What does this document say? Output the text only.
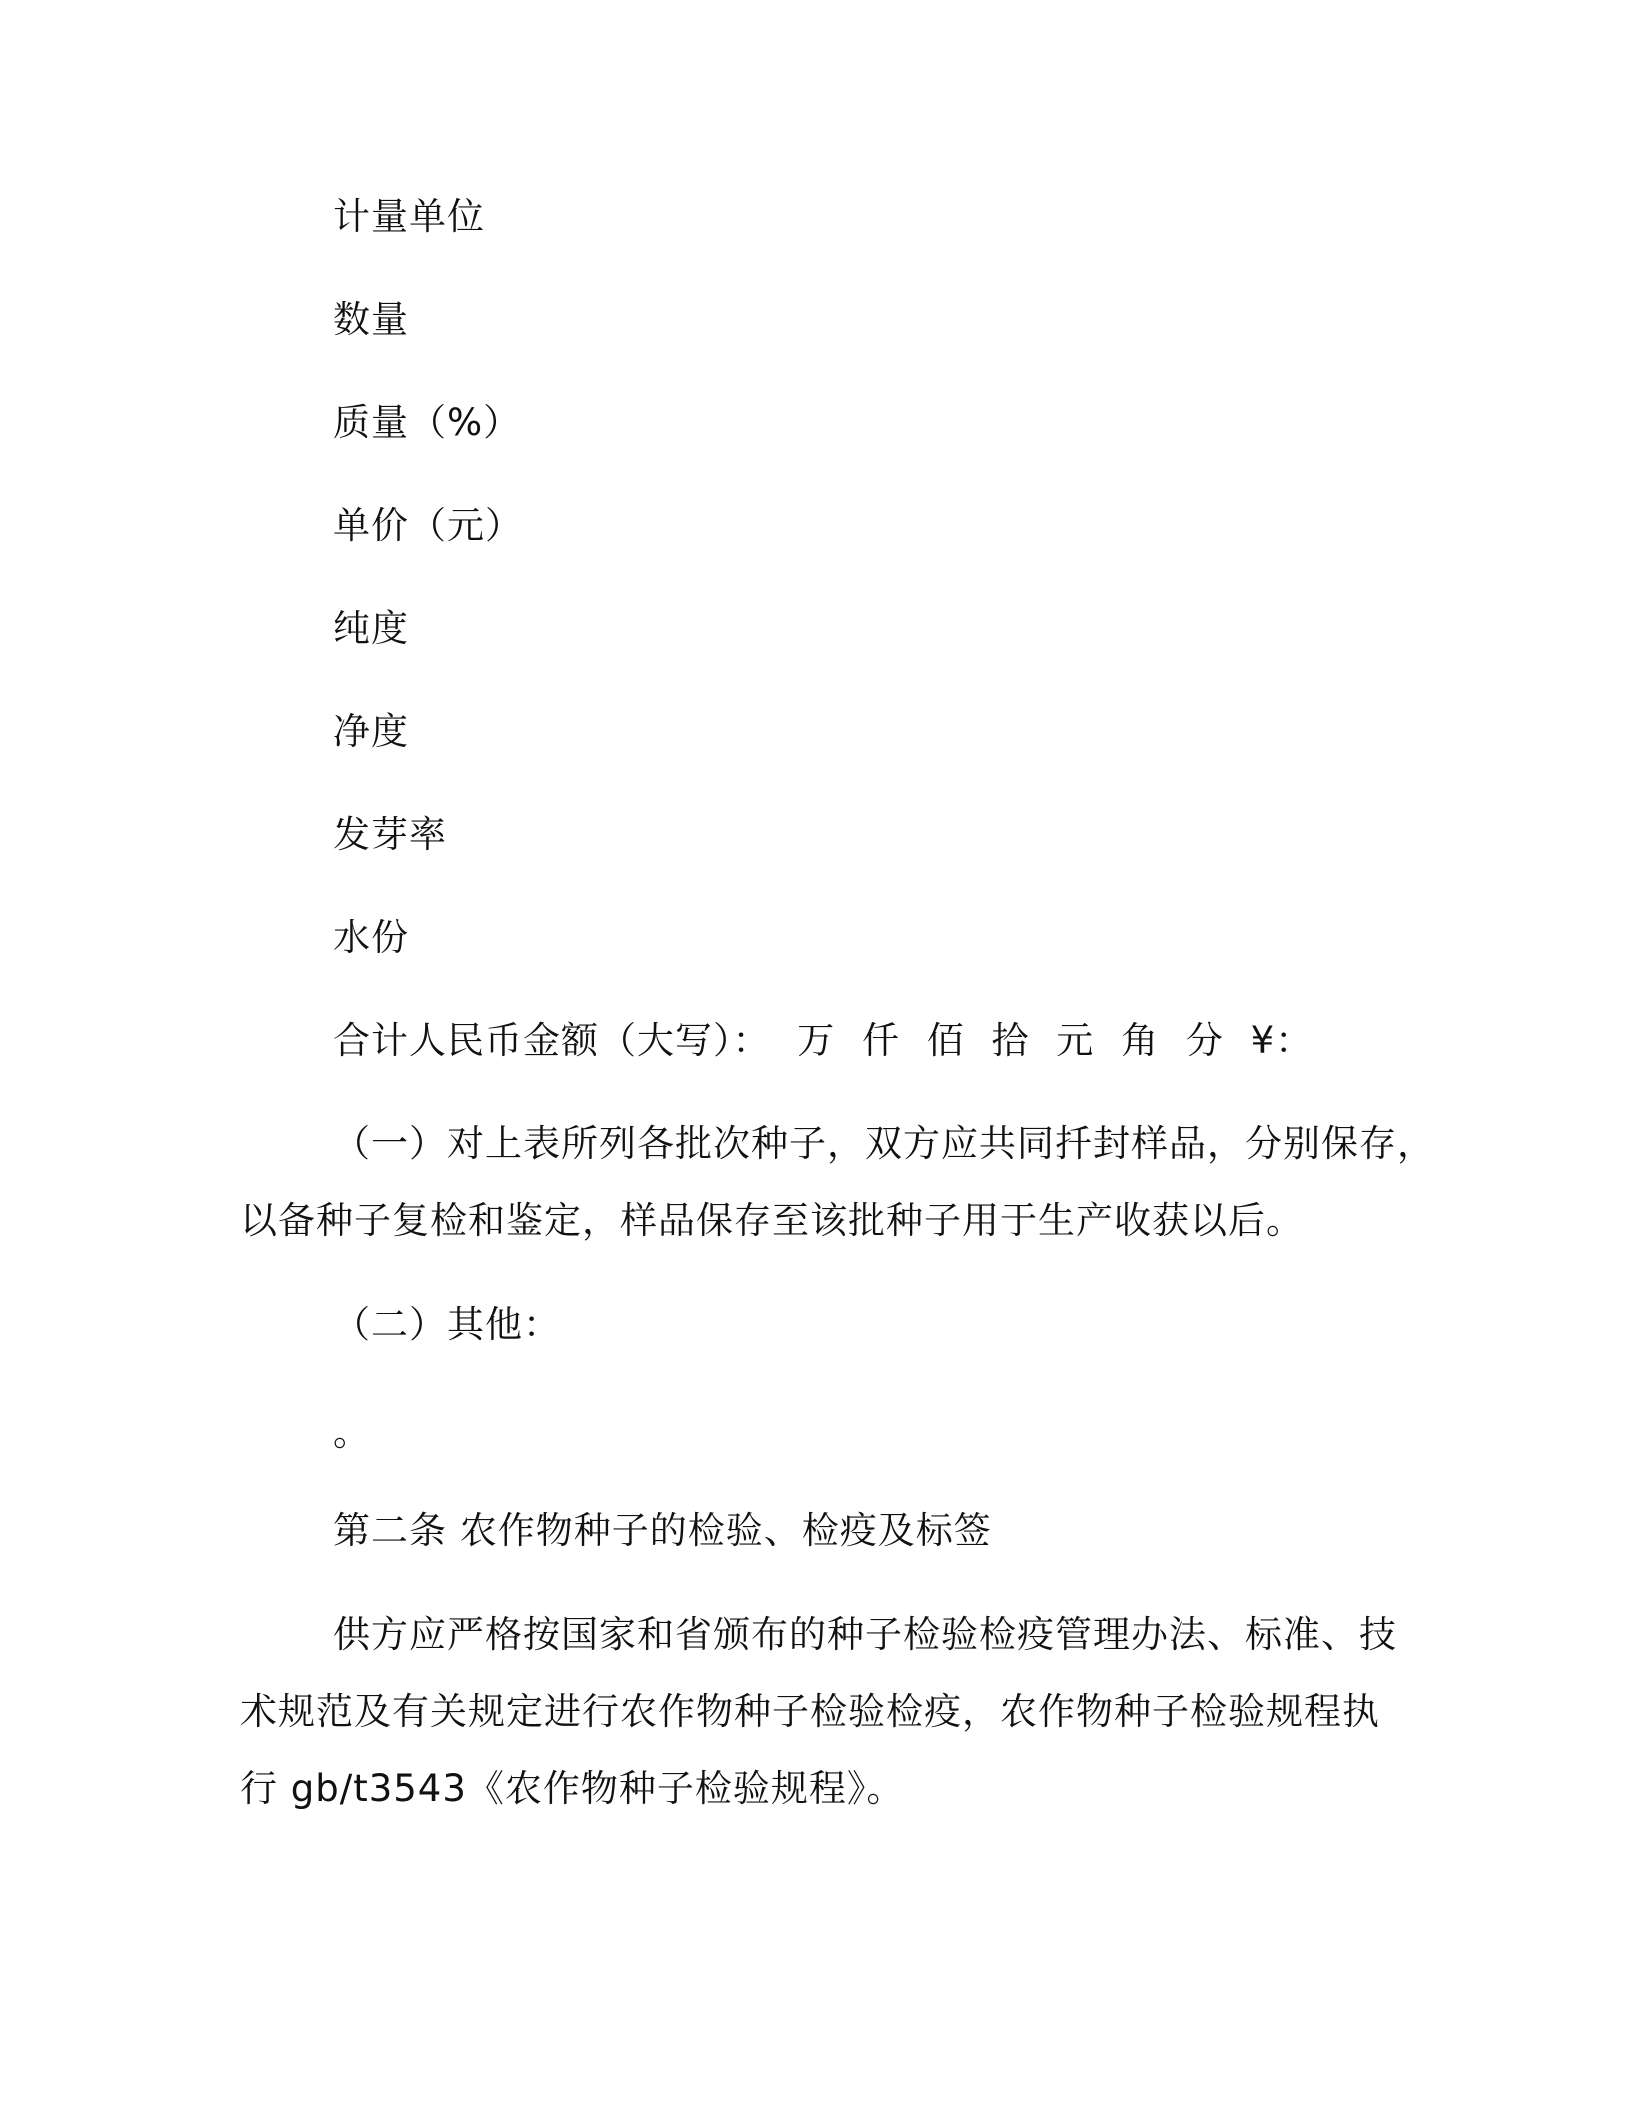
计量单位
数量
质量（%）
单价（元）
纯度
净度
发芽率
水份
合计人民币金额（大写）： 万 仟 佰 拾 元 角 分 ¥：
（一）对上表所列各批次种子，双方应共同扦封样品，分别保存，
以备种子复检和鉴定，样品保存至该批种子用于生产收获以后。
（二）其他：
。
第二条 农作物种子的检验、检疫及标签
供方应严格按国家和省颁布的种子检验检疫管理办法、标准、技
术规范及有关规定进行农作物种子检验检疫，农作物种子检验规程执
行 gb/t3543《农作物种子检验规程》。
